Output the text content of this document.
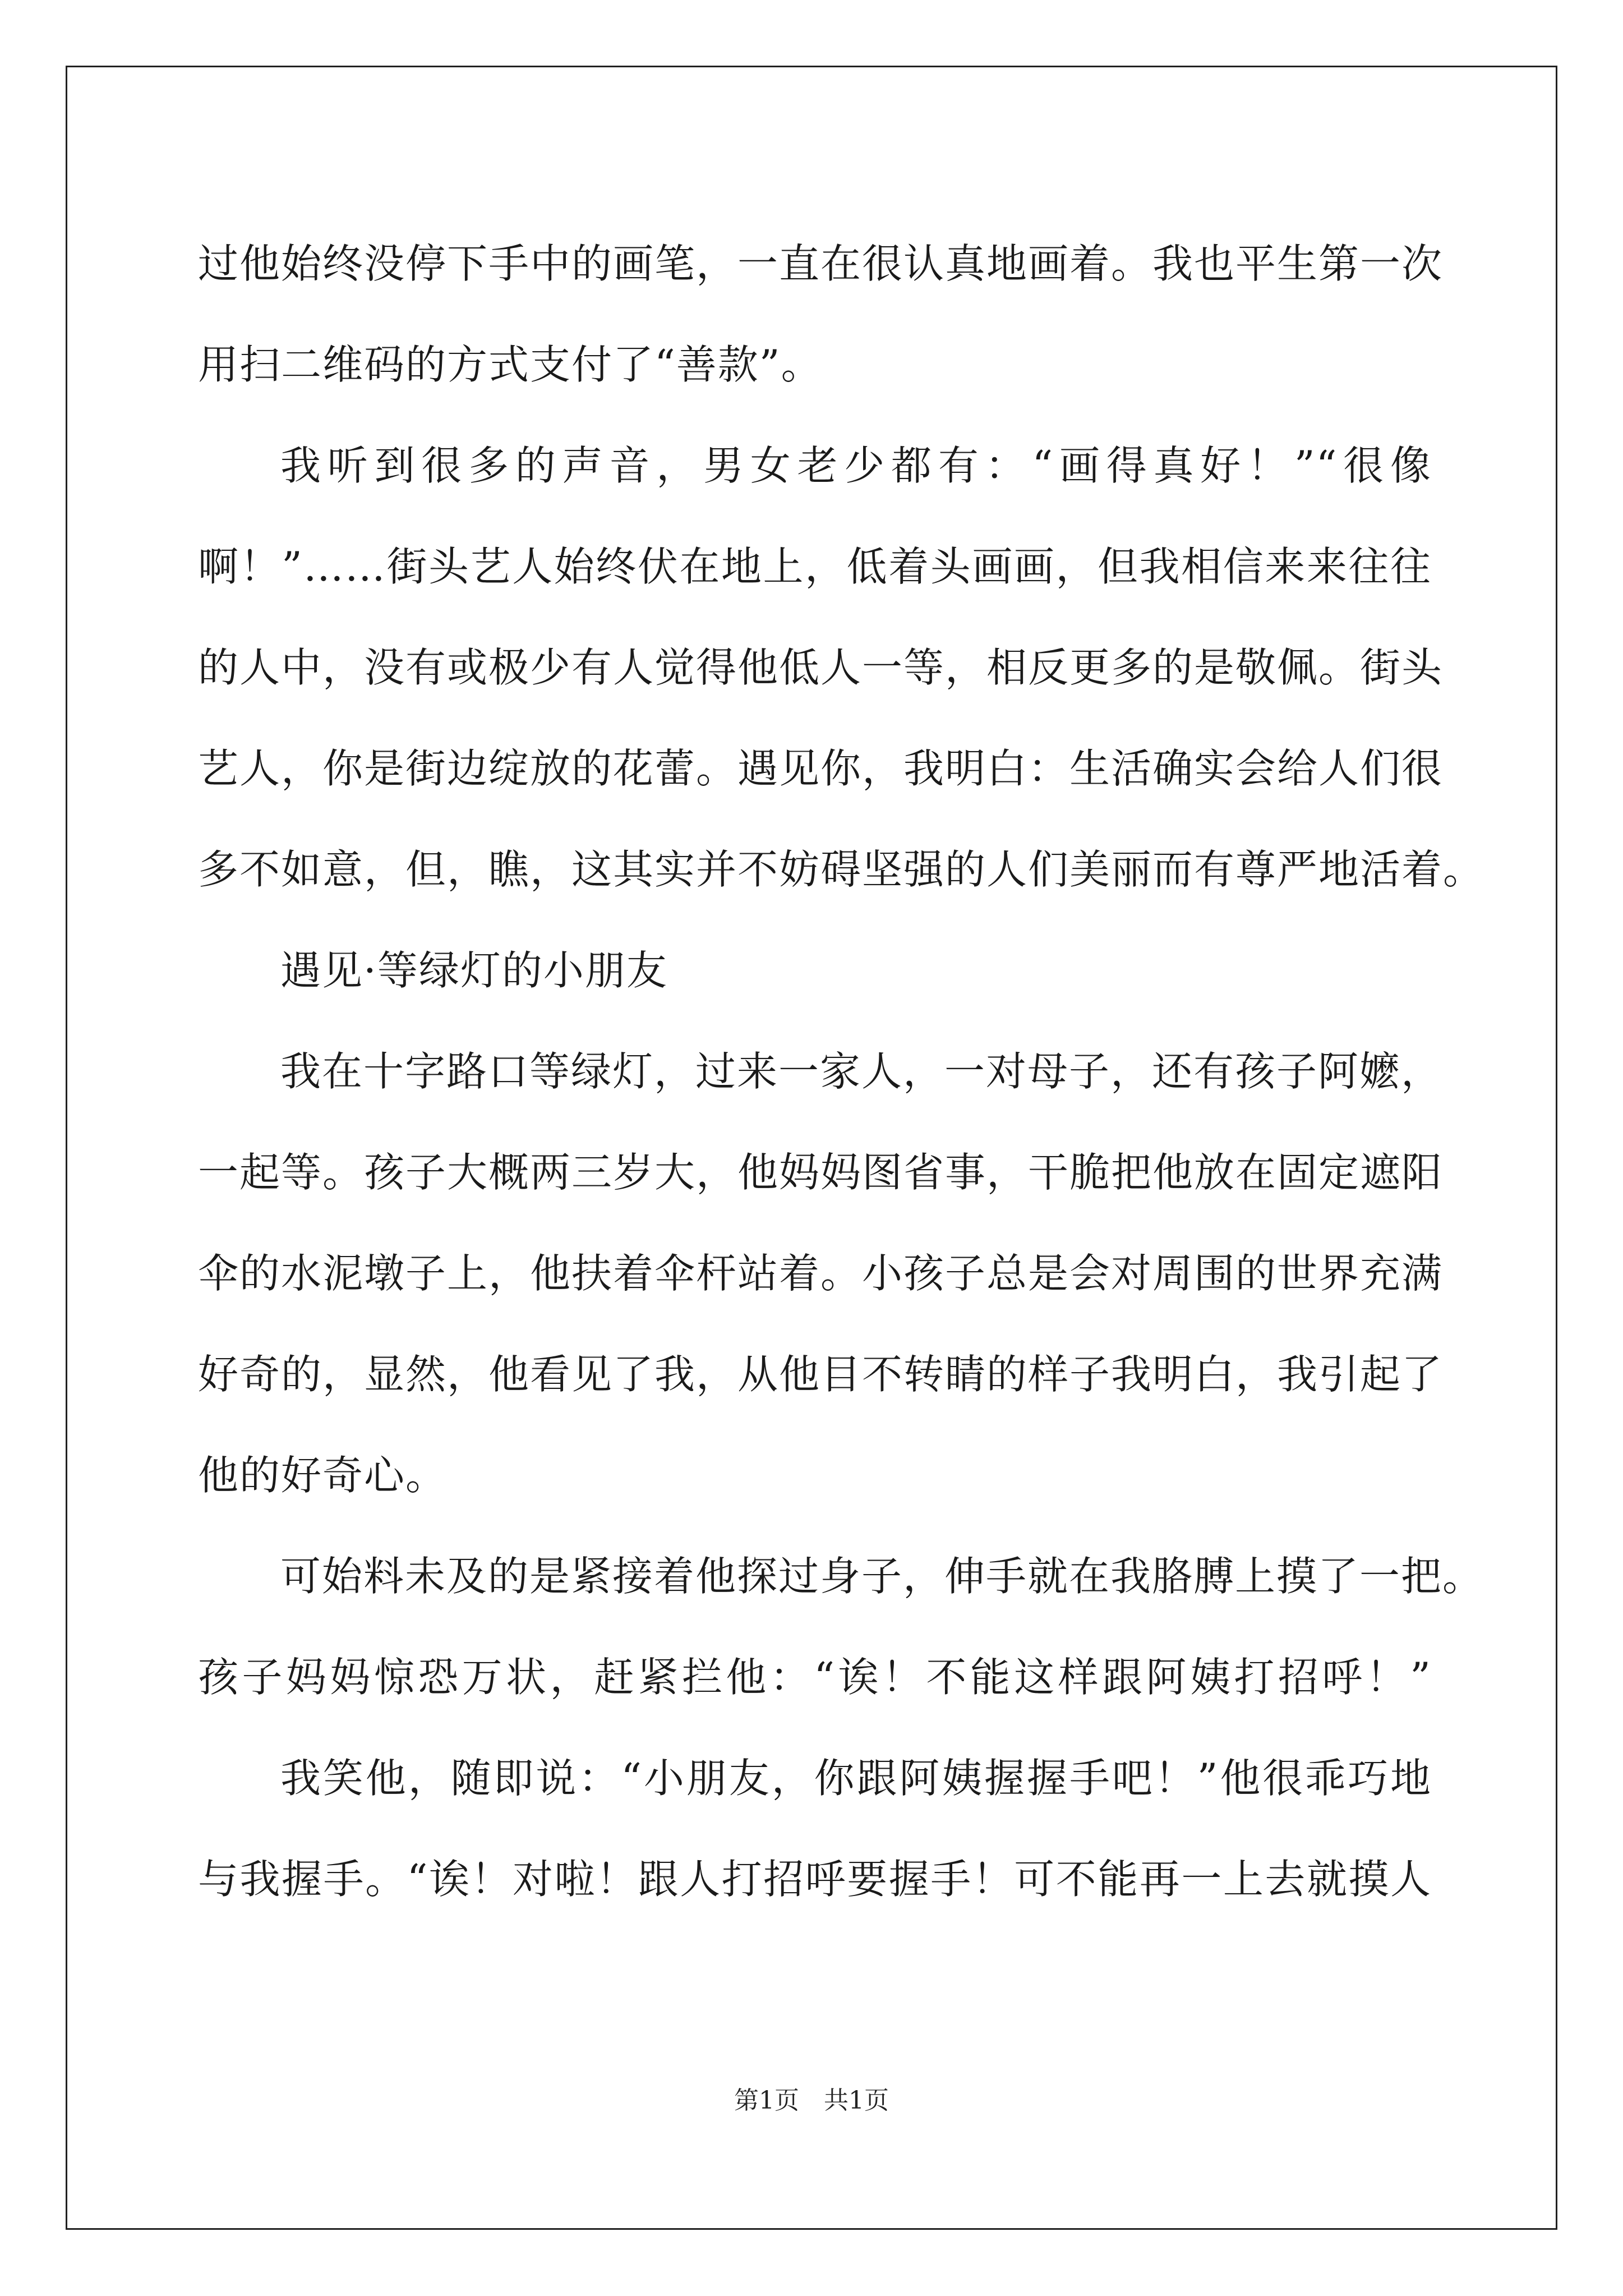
过他始终没停下手中的画笔，一直在很认真地画着。我也平生第一次
用扫二维码的方式支付了“善款”。
我听到很多的声音，男女老少都有：“画得真好！”“很像
啊！”……街头艺人始终伏在地上，低着头画画，但我相信来来往往
的人中，没有或极少有人觉得他低人一等，相反更多的是敬佩。街头
艺人，你是街边绽放的花蕾。遇见你，我明白：生活确实会给人们很
多不如意，但，瞧，这其实并不妨碍坚强的人们美丽而有尊严地活着。
遇见·等绿灯的小朋友
我在十字路口等绿灯，过来一家人，一对母子，还有孩子阿嬷，
一起等。孩子大概两三岁大，他妈妈图省事，干脆把他放在固定遮阳
伞的水泥墩子上，他扶着伞杆站着。小孩子总是会对周围的世界充满
好奇的，显然，他看见了我，从他目不转睛的样子我明白，我引起了
他的好奇心。
可始料未及的是紧接着他探过身子，伸手就在我胳膊上摸了一把。
孩子妈妈惊恐万状，赶紧拦他：“诶！不能这样跟阿姨打招呼！”
我笑他，随即说：“小朋友，你跟阿姨握握手吧！”他很乖巧地
与我握手。“诶！对啦！跟人打招呼要握手！可不能再一上去就摸人
第1页　共1页
